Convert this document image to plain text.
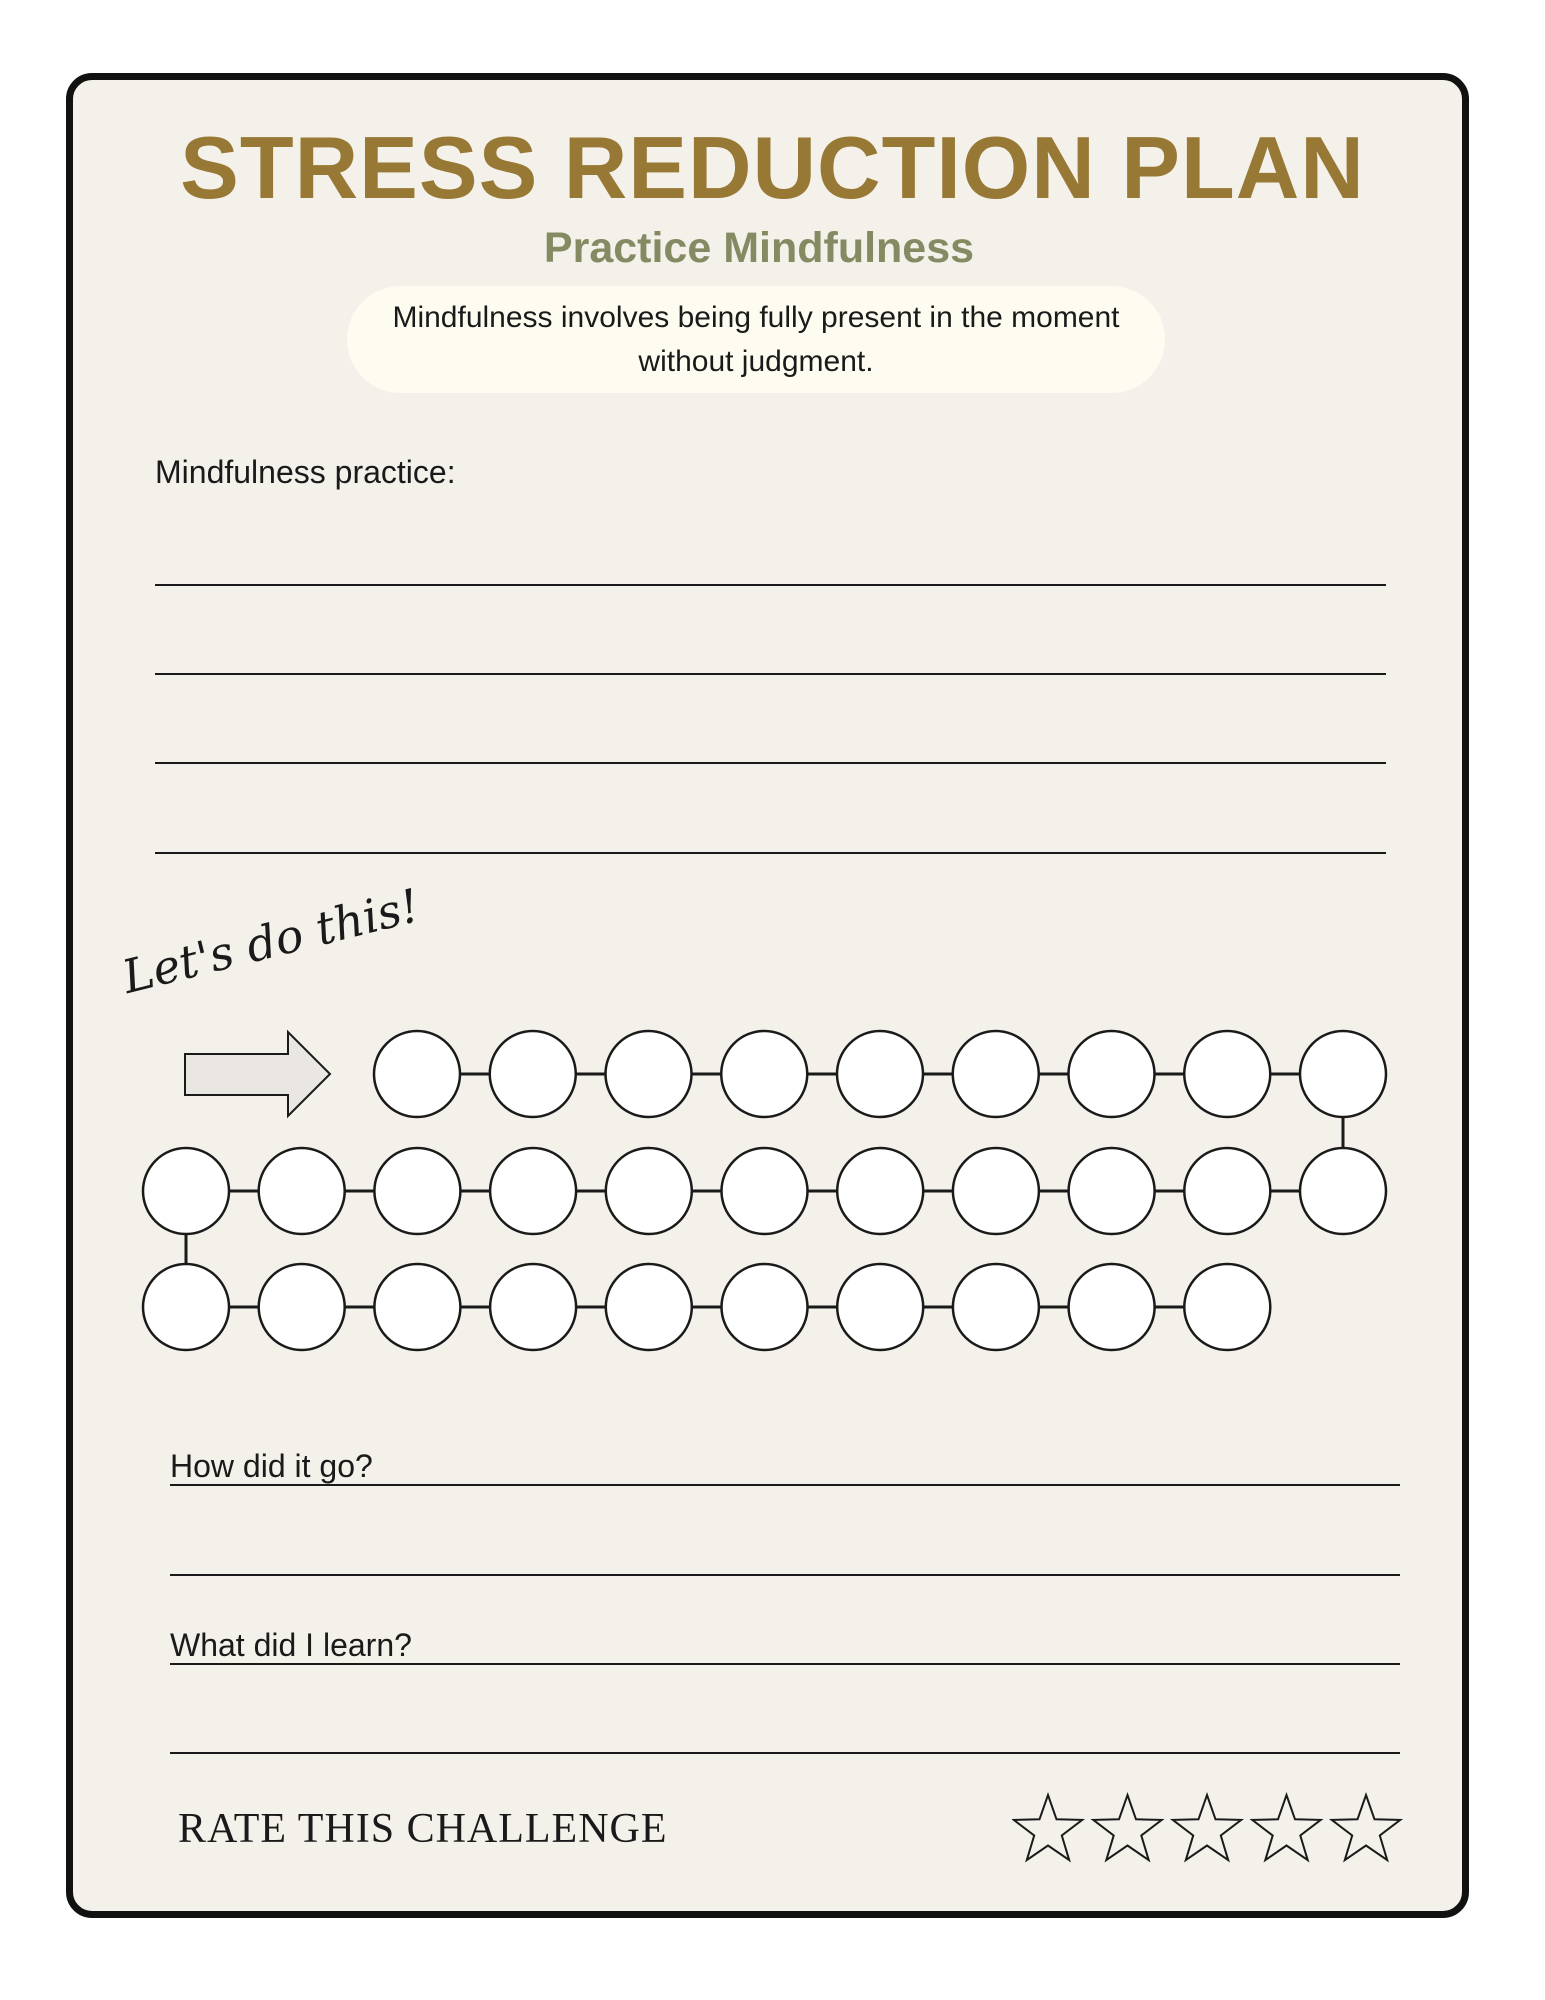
STRESS REDUCTION PLAN
Practice Mindfulness
Mindfulness involves being fully present in the moment without judgment.
Mindfulness practice:
Let's do this!
How did it go?
What did I learn?
RATE THIS CHALLENGE
